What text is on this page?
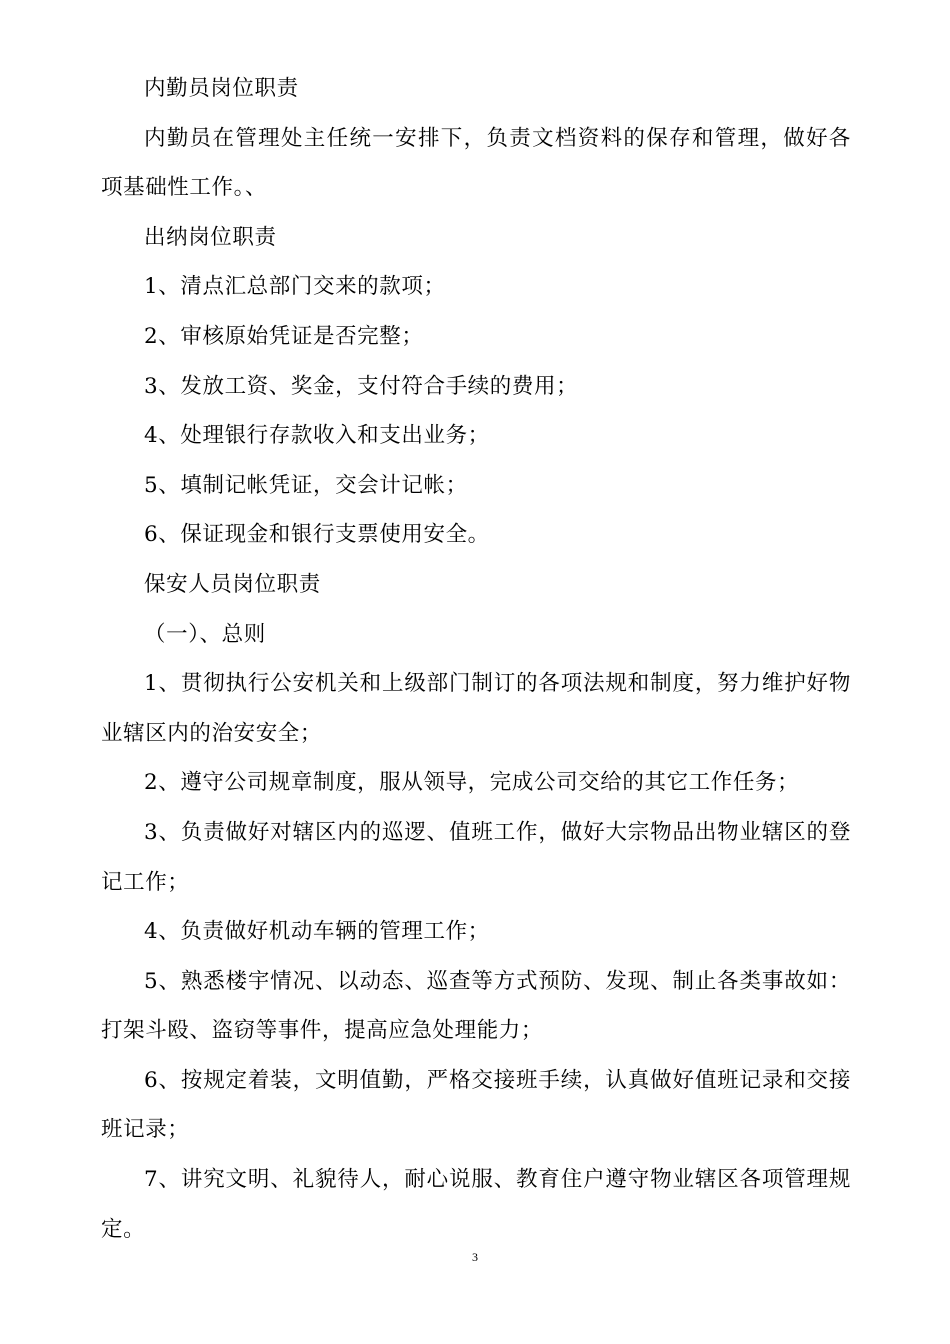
内勤员岗位职责

内勤员在管理处主任统一安排下，负责文档资料的保存和管理，做好各项基础性工作。、

出纳岗位职责

1、清点汇总部门交来的款项；

2、审核原始凭证是否完整；

3、发放工资、奖金，支付符合手续的费用；

4、处理银行存款收入和支出业务；

5、填制记帐凭证，交会计记帐；

6、保证现金和银行支票使用安全。

保安人员岗位职责

（一）、总则

1、贯彻执行公安机关和上级部门制订的各项法规和制度，努力维护好物业辖区内的治安安全；

2、遵守公司规章制度，服从领导，完成公司交给的其它工作任务；

3、负责做好对辖区内的巡逻、值班工作，做好大宗物品出物业辖区的登记工作；

4、负责做好机动车辆的管理工作；

5、熟悉楼宇情况、以动态、巡查等方式预防、发现、制止各类事故如：打架斗殴、盗窃等事件，提高应急处理能力；

6、按规定着装，文明值勤，严格交接班手续，认真做好值班记录和交接班记录；

7、讲究文明、礼貌待人，耐心说服、教育住户遵守物业辖区各项管理规定。

3
